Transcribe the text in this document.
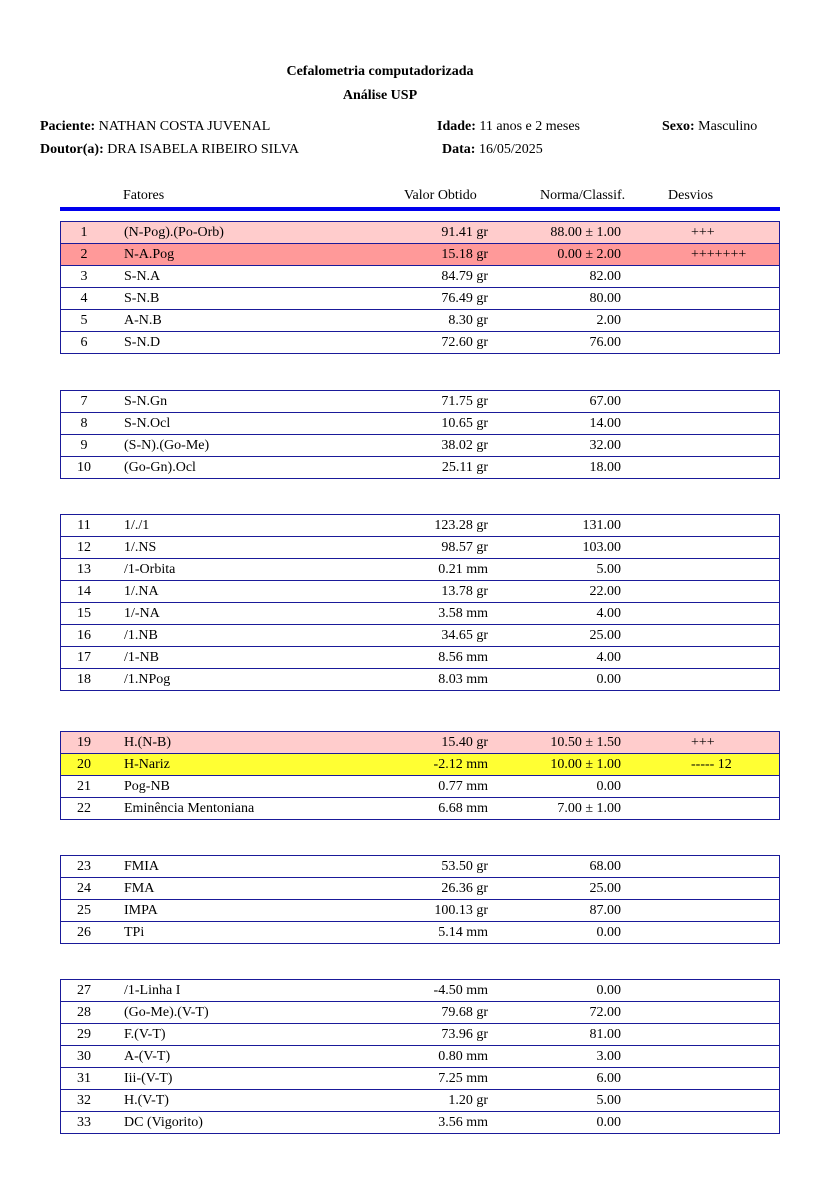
Cefalometria computadorizada
Análise USP
Paciente: NATHAN COSTA JUVENAL
Doutor(a): DRA ISABELA RIBEIRO SILVA
Idade: 11 anos e 2 meses
Data: 16/05/2025
Sexo: Masculino
Fatores	Valor Obtido	Norma/Classif.	Desvios
1	(N-Pog).(Po-Orb)	91.41 gr	88.00 ± 1.00	+++
2	N-A.Pog	15.18 gr	0.00 ± 2.00	+++++++
3	S-N.A	84.79 gr	82.00
4	S-N.B	76.49 gr	80.00
5	A-N.B	8.30 gr	2.00
6	S-N.D	72.60 gr	76.00
7	S-N.Gn	71.75 gr	67.00
8	S-N.Ocl	10.65 gr	14.00
9	(S-N).(Go-Me)	38.02 gr	32.00
10	(Go-Gn).Ocl	25.11 gr	18.00
11	1/./1	123.28 gr	131.00
12	1/.NS	98.57 gr	103.00
13	/1-Orbita	0.21 mm	5.00
14	1/.NA	13.78 gr	22.00
15	1/-NA	3.58 mm	4.00
16	/1.NB	34.65 gr	25.00
17	/1-NB	8.56 mm	4.00
18	/1.NPog	8.03 mm	0.00
19	H.(N-B)	15.40 gr	10.50 ± 1.50	+++
20	H-Nariz	-2.12 mm	10.00 ± 1.00	----- 12
21	Pog-NB	0.77 mm	0.00
22	Eminência Mentoniana	6.68 mm	7.00 ± 1.00
23	FMIA	53.50 gr	68.00
24	FMA	26.36 gr	25.00
25	IMPA	100.13 gr	87.00
26	TPi	5.14 mm	0.00
27	/1-Linha I	-4.50 mm	0.00
28	(Go-Me).(V-T)	79.68 gr	72.00
29	F.(V-T)	73.96 gr	81.00
30	A-(V-T)	0.80 mm	3.00
31	Iii-(V-T)	7.25 mm	6.00
32	H.(V-T)	1.20 gr	5.00
33	DC (Vigorito)	3.56 mm	0.00
